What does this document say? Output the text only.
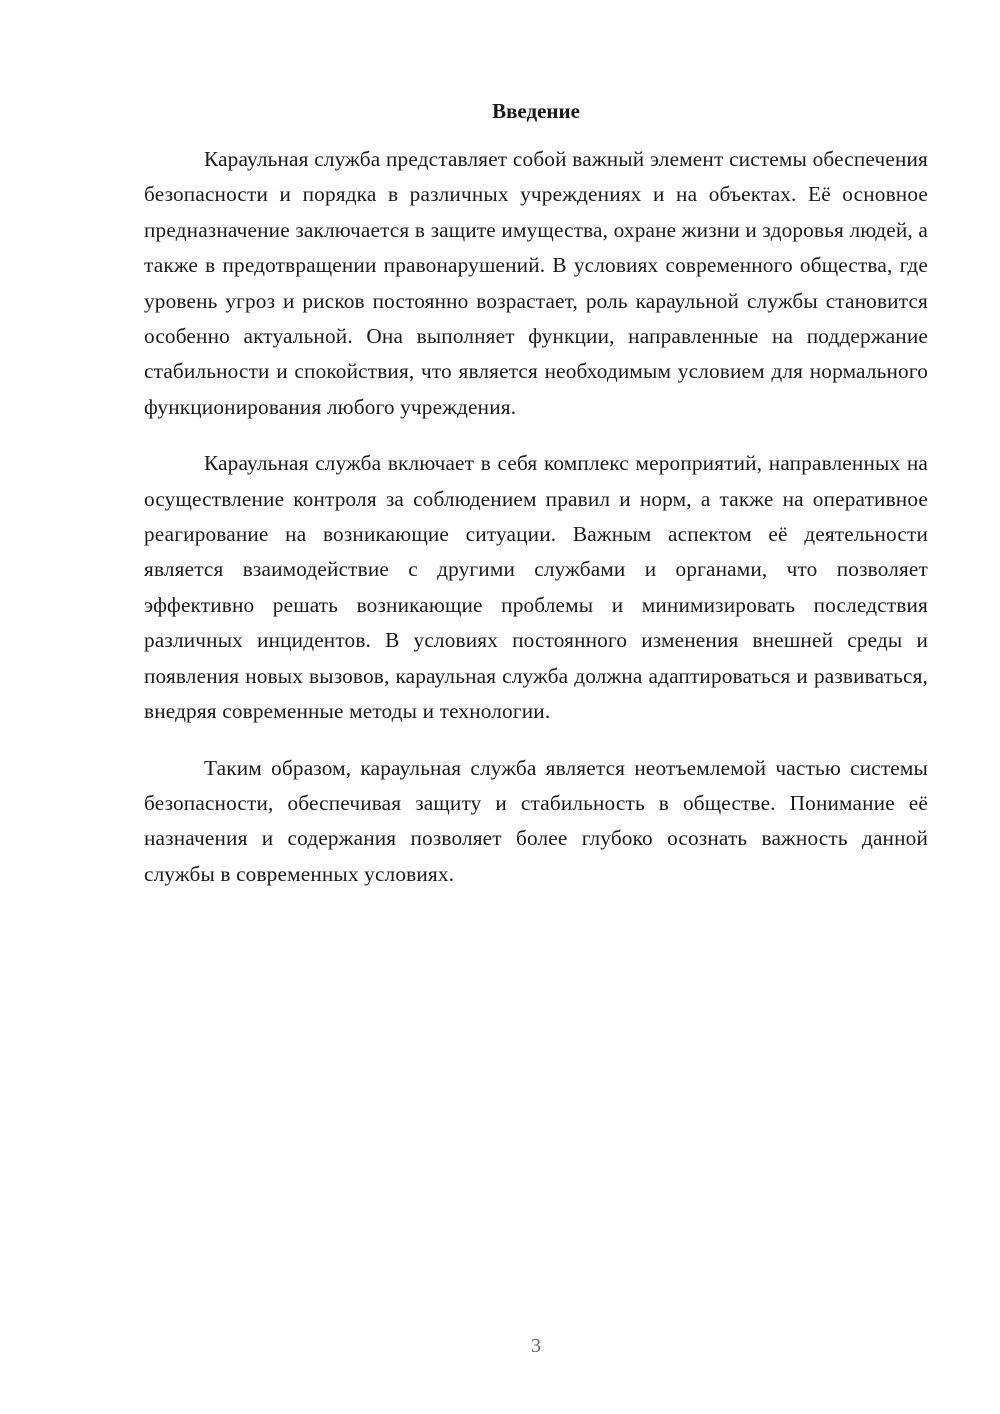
Введение

Караульная служба представляет собой важный элемент системы обеспечения безопасности и порядка в различных учреждениях и на объектах. Её основное предназначение заключается в защите имущества, охране жизни и здоровья людей, а также в предотвращении правонарушений. В условиях современного общества, где уровень угроз и рисков постоянно возрастает, роль караульной службы становится особенно актуальной. Она выполняет функции, направленные на поддержание стабильности и спокойствия, что является необходимым условием для нормального функционирования любого учреждения.

Караульная служба включает в себя комплекс мероприятий, направленных на осуществление контроля за соблюдением правил и норм, а также на оперативное реагирование на возникающие ситуации. Важным аспектом её деятельности является взаимодействие с другими службами и органами, что позволяет эффективно решать возникающие проблемы и минимизировать последствия различных инцидентов. В условиях постоянного изменения внешней среды и появления новых вызовов, караульная служба должна адаптироваться и развиваться, внедряя современные методы и технологии.

Таким образом, караульная служба является неотъемлемой частью системы безопасности, обеспечивая защиту и стабильность в обществе. Понимание её назначения и содержания позволяет более глубоко осознать важность данной службы в современных условиях.

3
